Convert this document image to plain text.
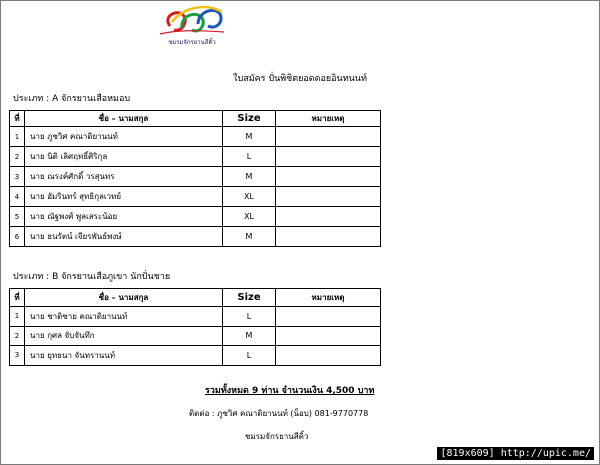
ชมรมจักรยานสีคิ้ว
ใบสมัคร ปั่นพิชิตยอดดอยอินทนนท์
ประเภท : A จักรยานเสือหมอบ
ที่	ชื่อ – นามสกุล	Size	หมายเหตุ
1	นาย ภูชวิศ คณาดิยานนท์	M	
2	นาย นิติ เลิศฤทธิ์ศิริกุล	L	
3	นาย ณรงค์ศักดิ์ วรสุนทร	M	
4	นาย อัมรินทร์ สุทธิกุลเวทย์	XL	
5	นาย ณัฐพงศ์ พูลเสระน้อย	XL	
6	นาย ธนรัตน์ เจียรพันธ์พงษ์	M	
ประเภท : B จักรยานเสือภูเขา นักปั่นชาย
ที่	ชื่อ – นามสกุล	Size	หมายเหตุ
1	นาย ชาติชาย คณาดิยานนท์	L	
2	นาย กุศล จับจันทึก	M	
3	นาย ยุทธนา จันทรานนท์	L	
รวมทั้งหมด 9 ท่าน จำนวนเงิน 4,500 บาท
ติดต่อ : ภูชวิศ คณาดิยานนท์ (น็อบ) 081-9770778
ชมรมจักรยานสีคิ้ว
[819x609] http://upic.me/
